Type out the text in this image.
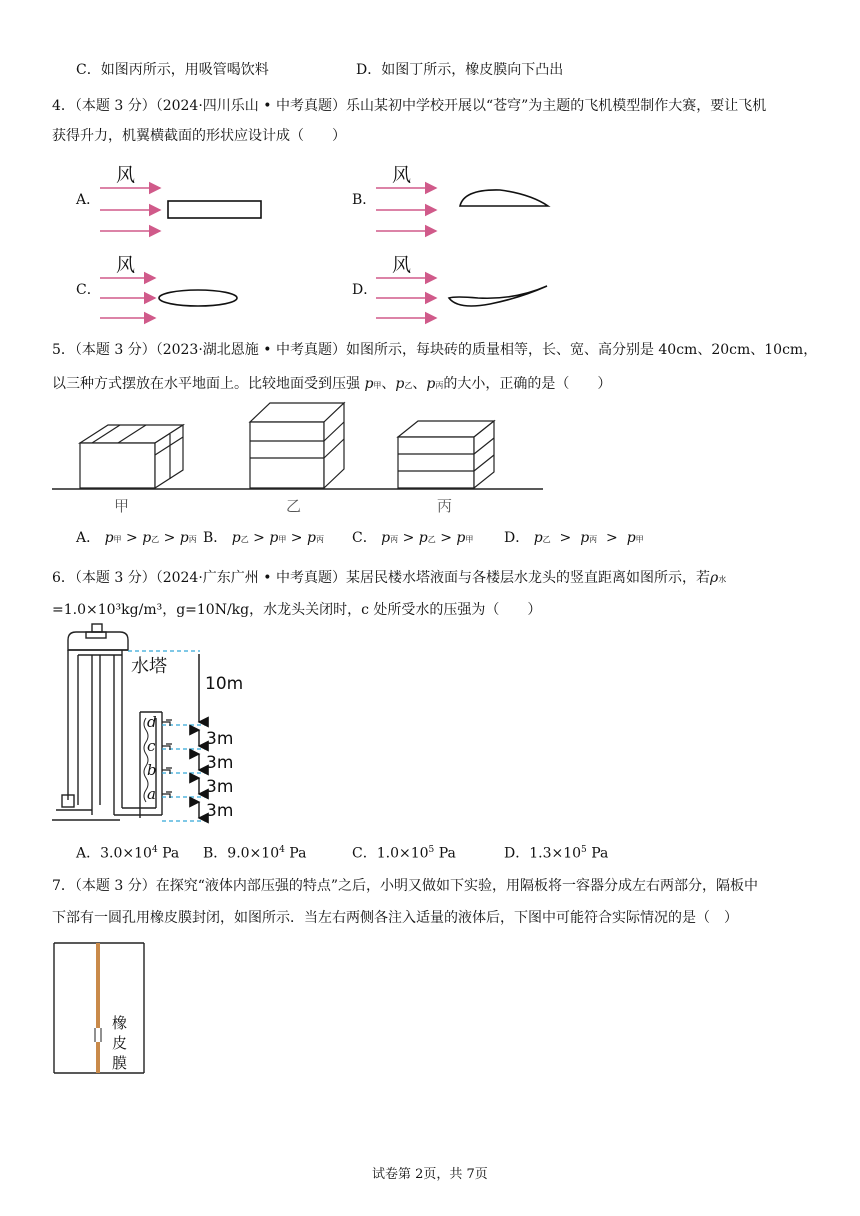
C．如图丙所示，用吸管喝饮料	D．如图丁所示，橡皮膜向下凸出
4．（本题 3 分）（2024·四川乐山 • 中考真题）乐山某初中学校开展以“苍穹”为主题的飞机模型制作大赛，要让飞机
获得升力，机翼横截面的形状应设计成（　　）
A．	B．
C．	D．
风	风
风	风
5．（本题 3 分）（2023·湖北恩施 • 中考真题）如图所示，每块砖的质量相等，长、宽、高分别是 40cm、20cm、10cm，
以三种方式摆放在水平地面上。比较地面受到压强 p甲、p乙、p丙的大小，正确的是（　　）
甲	乙	丙
A． p甲 > p乙 > p丙 B． p乙 > p甲 > p丙 C． p丙 > p乙 > p甲 D． p乙  >  p丙  >  p甲
6．（本题 3 分）（2024·广东广州 • 中考真题）某居民楼水塔液面与各楼层水龙头的竖直距离如图所示，若ρ水
=1.0×10³kg/m³，g=10N/kg，水龙头关闭时，c 处所受水的压强为（　　）
水塔
10m
3m
3m
3m
3m
d
c
b
a
A．$3.0\times 10^4$ Pa B．$9.0\times 10^4$ Pa	C．$1.0\times 10^5$ Pa	D．$1.3\times 10^5$ Pa
7．（本题 3 分）在探究“液体内部压强的特点”之后，小明又做如下实验，用隔板将一容器分成左右两部分，隔板中
下部有一圆孔用橡皮膜封闭，如图所示．当左右两侧各注入适量的液体后，下图中可能符合实际情况的是（　）
橡
皮
膜
试卷第 2页，共 7页
